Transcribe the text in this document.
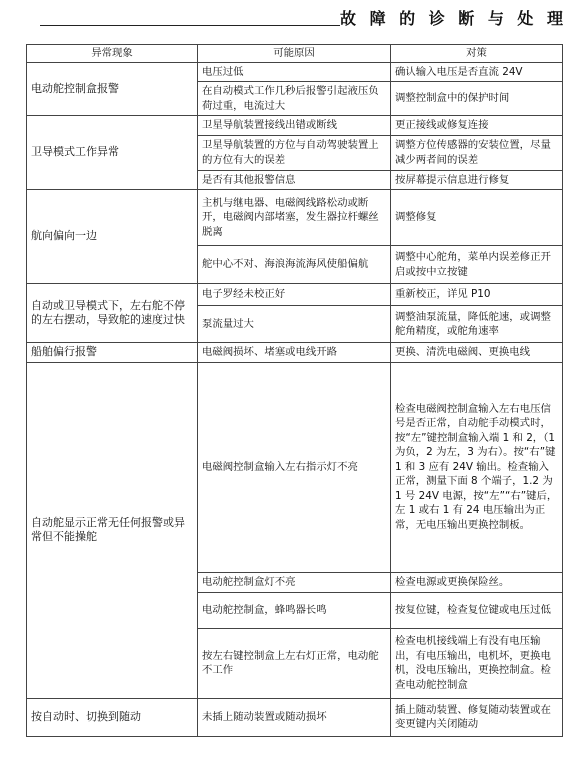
故 障 的 诊 断 与 处 理
异常现象	可能原因	对策
电动舵控制盒报警	电压过低	确认输入电压是否直流 24V
	在自动模式工作几秒后报警引起液压负荷过重，电流过大	调整控制盒中的保护时间
卫导模式工作异常	卫星导航装置接线出错或断线	更正接线或修复连接
	卫星导航装置的方位与自动驾驶装置上的方位有大的误差	调整方位传感器的安装位置，尽量减少两者间的误差
	是否有其他报警信息	按屏幕提示信息进行修复
航向偏向一边	主机与继电器、电磁阀线路松动或断开，电磁阀内部堵塞，发生器拉杆螺丝脱离	调整修复
	舵中心不对、海浪海流海风使船偏航	调整中心舵角，菜单内误差修正开启或按中立按键
自动或卫导模式下，左右舵不停的左右摆动，导致舵的速度过快	电子罗经未校正好	重新校正，详见 P10
	泵流量过大	调整油泵流量，降低舵速，或调整舵角精度，或舵角速率
船舶偏行报警	电磁阀损坏、堵塞或电线开路	更换、清洗电磁阀、更换电线
自动舵显示正常无任何报警或异常但不能操舵	电磁阀控制盒输入左右指示灯不亮	检查电磁阀控制盒输入左右电压信号是否正常，自动舵手动模式时，按“左”键控制盒输入端 1 和 2，（1 为负，2 为左，3 为右）。按“右”键 1 和 3 应有 24V 输出。检查输入正常，测量下面 8 个端子，1.2 为 1 号 24V 电源，按“左”“右”键后，左 1 或右 1 有 24 电压输出为正常，无电压输出更换控制板。
	电动舵控制盒灯不亮	检查电源或更换保险丝。
	电动舵控制盒，蜂鸣器长鸣	按复位键，检查复位键或电压过低
	按左右键控制盒上左右灯正常，电动舵不工作	检查电机接线端上有没有电压输出，有电压输出，电机坏，更换电机，没电压输出，更换控制盒。检查电动舵控制盒
按自动时、切换到随动	未插上随动装置或随动损坏	插上随动装置、修复随动装置或在变更键内关闭随动
